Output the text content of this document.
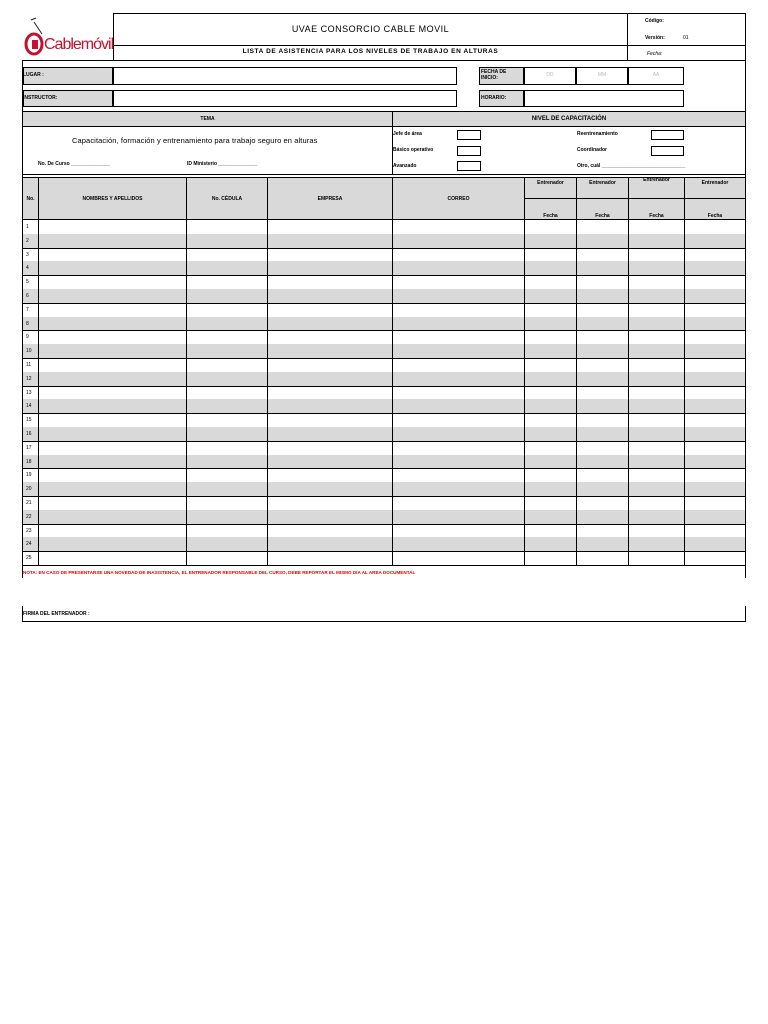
Cablemóvil
UVAE CONSORCIO CABLE MOVIL
LISTA DE ASISTENCIA PARA LOS NIVELES DE TRABAJO EN ALTURAS
Código:
Versión:	01
Fecha:
LUGAR :	FECHA DE INICIO:	DD	MM	AA
INSTRUCTOR:	HORARIO:
TEMA	NIVEL DE CAPACITACIÓN
Capacitación, formación y entrenamiento para trabajo seguro en alturas
No. De Curso ______________	ID Ministerio ______________
Jefe de área
Básico operativo
Avanzado
Reentrenamiento
Coordinador
Otro, cuál ______________________________
No.	NOMBRES Y APELLIDOS	No. CÉDULA	EMPRESA	CORREO
Entrenador	Entrenador	Entrenador	Entrenador
Fecha	Fecha	Fecha	Fecha
1
2
3
4
5
6
7
8
9
10
11
12
13
14
15
16
17
18
19
20
21
22
23
24
25
NOTA: EN CASO DE PRESENTARSE UNA NOVEDAD DE INASISTENCIA, EL ENTRENADOR RESPONSABLE DEL CURSO, DEBE REPORTAR EL MISMO DIA AL AREA DOCUMENTAL
FIRMA DEL ENTRENADOR :
